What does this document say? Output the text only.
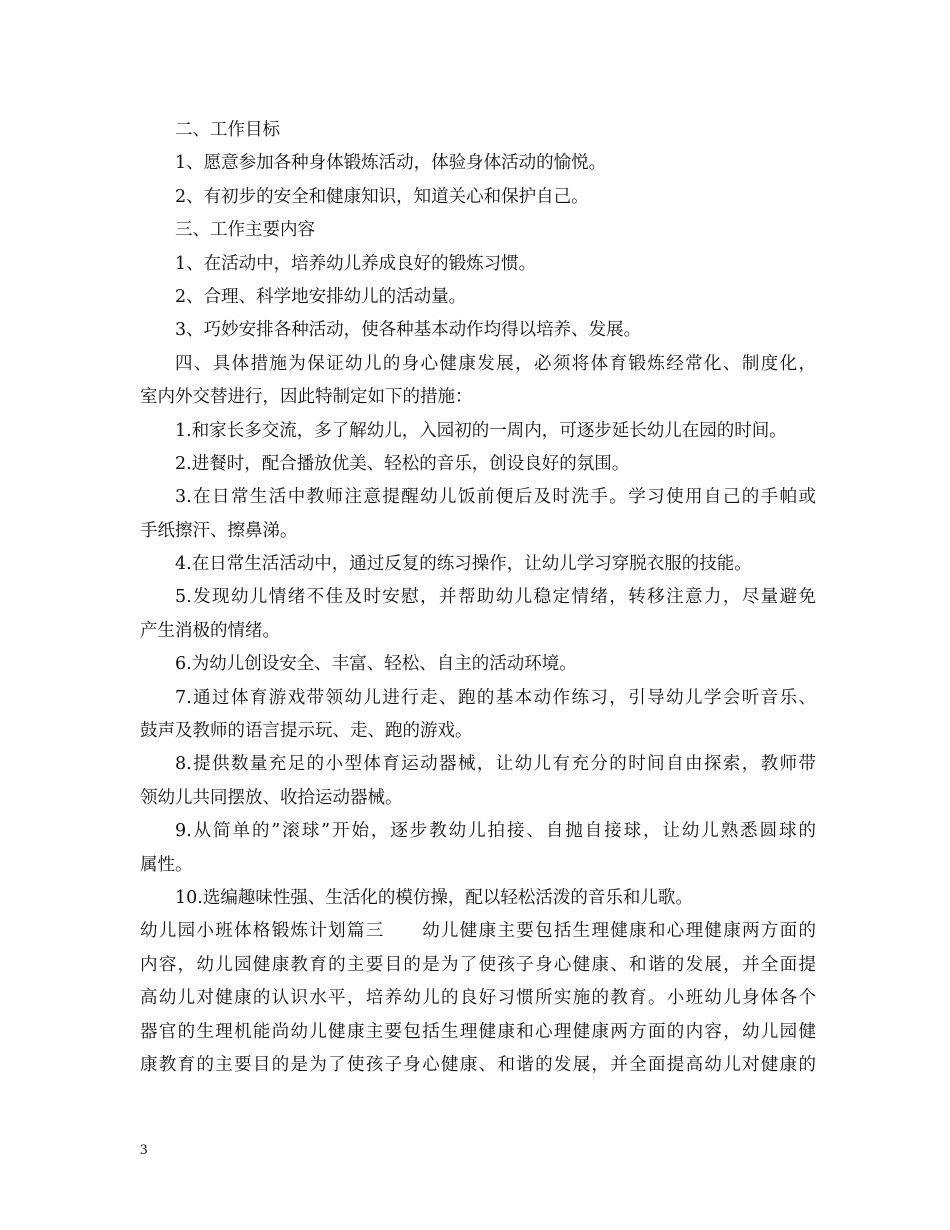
二、工作目标
1、愿意参加各种身体锻炼活动，体验身体活动的愉悦。
2、有初步的安全和健康知识，知道关心和保护自己。
三、工作主要内容
1、在活动中，培养幼儿养成良好的锻炼习惯。
2、合理、科学地安排幼儿的活动量。
3、巧妙安排各种活动，使各种基本动作均得以培养、发展。
四、具体措施为保证幼儿的身心健康发展，必须将体育锻炼经常化、制度化，
室内外交替进行，因此特制定如下的措施：
1.和家长多交流，多了解幼儿，入园初的一周内，可逐步延长幼儿在园的时间。
2.进餐时，配合播放优美、轻松的音乐，创设良好的氛围。
3.在日常生活中教师注意提醒幼儿饭前便后及时洗手。学习使用自己的手帕或
手纸擦汗、擦鼻涕。
4.在日常生活活动中，通过反复的练习操作，让幼儿学习穿脱衣服的技能。
5.发现幼儿情绪不佳及时安慰，并帮助幼儿稳定情绪，转移注意力，尽量避免
产生消极的情绪。
6.为幼儿创设安全、丰富、轻松、自主的活动环境。
7.通过体育游戏带领幼儿进行走、跑的基本动作练习，引导幼儿学会听音乐、
鼓声及教师的语言提示玩、走、跑的游戏。
8.提供数量充足的小型体育运动器械，让幼儿有充分的时间自由探索，教师带
领幼儿共同摆放、收拾运动器械。
9.从简单的”滚球”开始，逐步教幼儿拍接、自抛自接球，让幼儿熟悉圆球的
属性。
10.选编趣味性强、生活化的模仿操，配以轻松活泼的音乐和儿歌。
幼儿园小班体格锻炼计划篇三　　幼儿健康主要包括生理健康和心理健康两方面的
内容，幼儿园健康教育的主要目的是为了使孩子身心健康、和谐的发展，并全面提
高幼儿对健康的认识水平，培养幼儿的良好习惯所实施的教育。小班幼儿身体各个
器官的生理机能尚幼儿健康主要包括生理健康和心理健康两方面的内容，幼儿园健
康教育的主要目的是为了使孩子身心健康、和谐的发展，并全面提高幼儿对健康的
3
